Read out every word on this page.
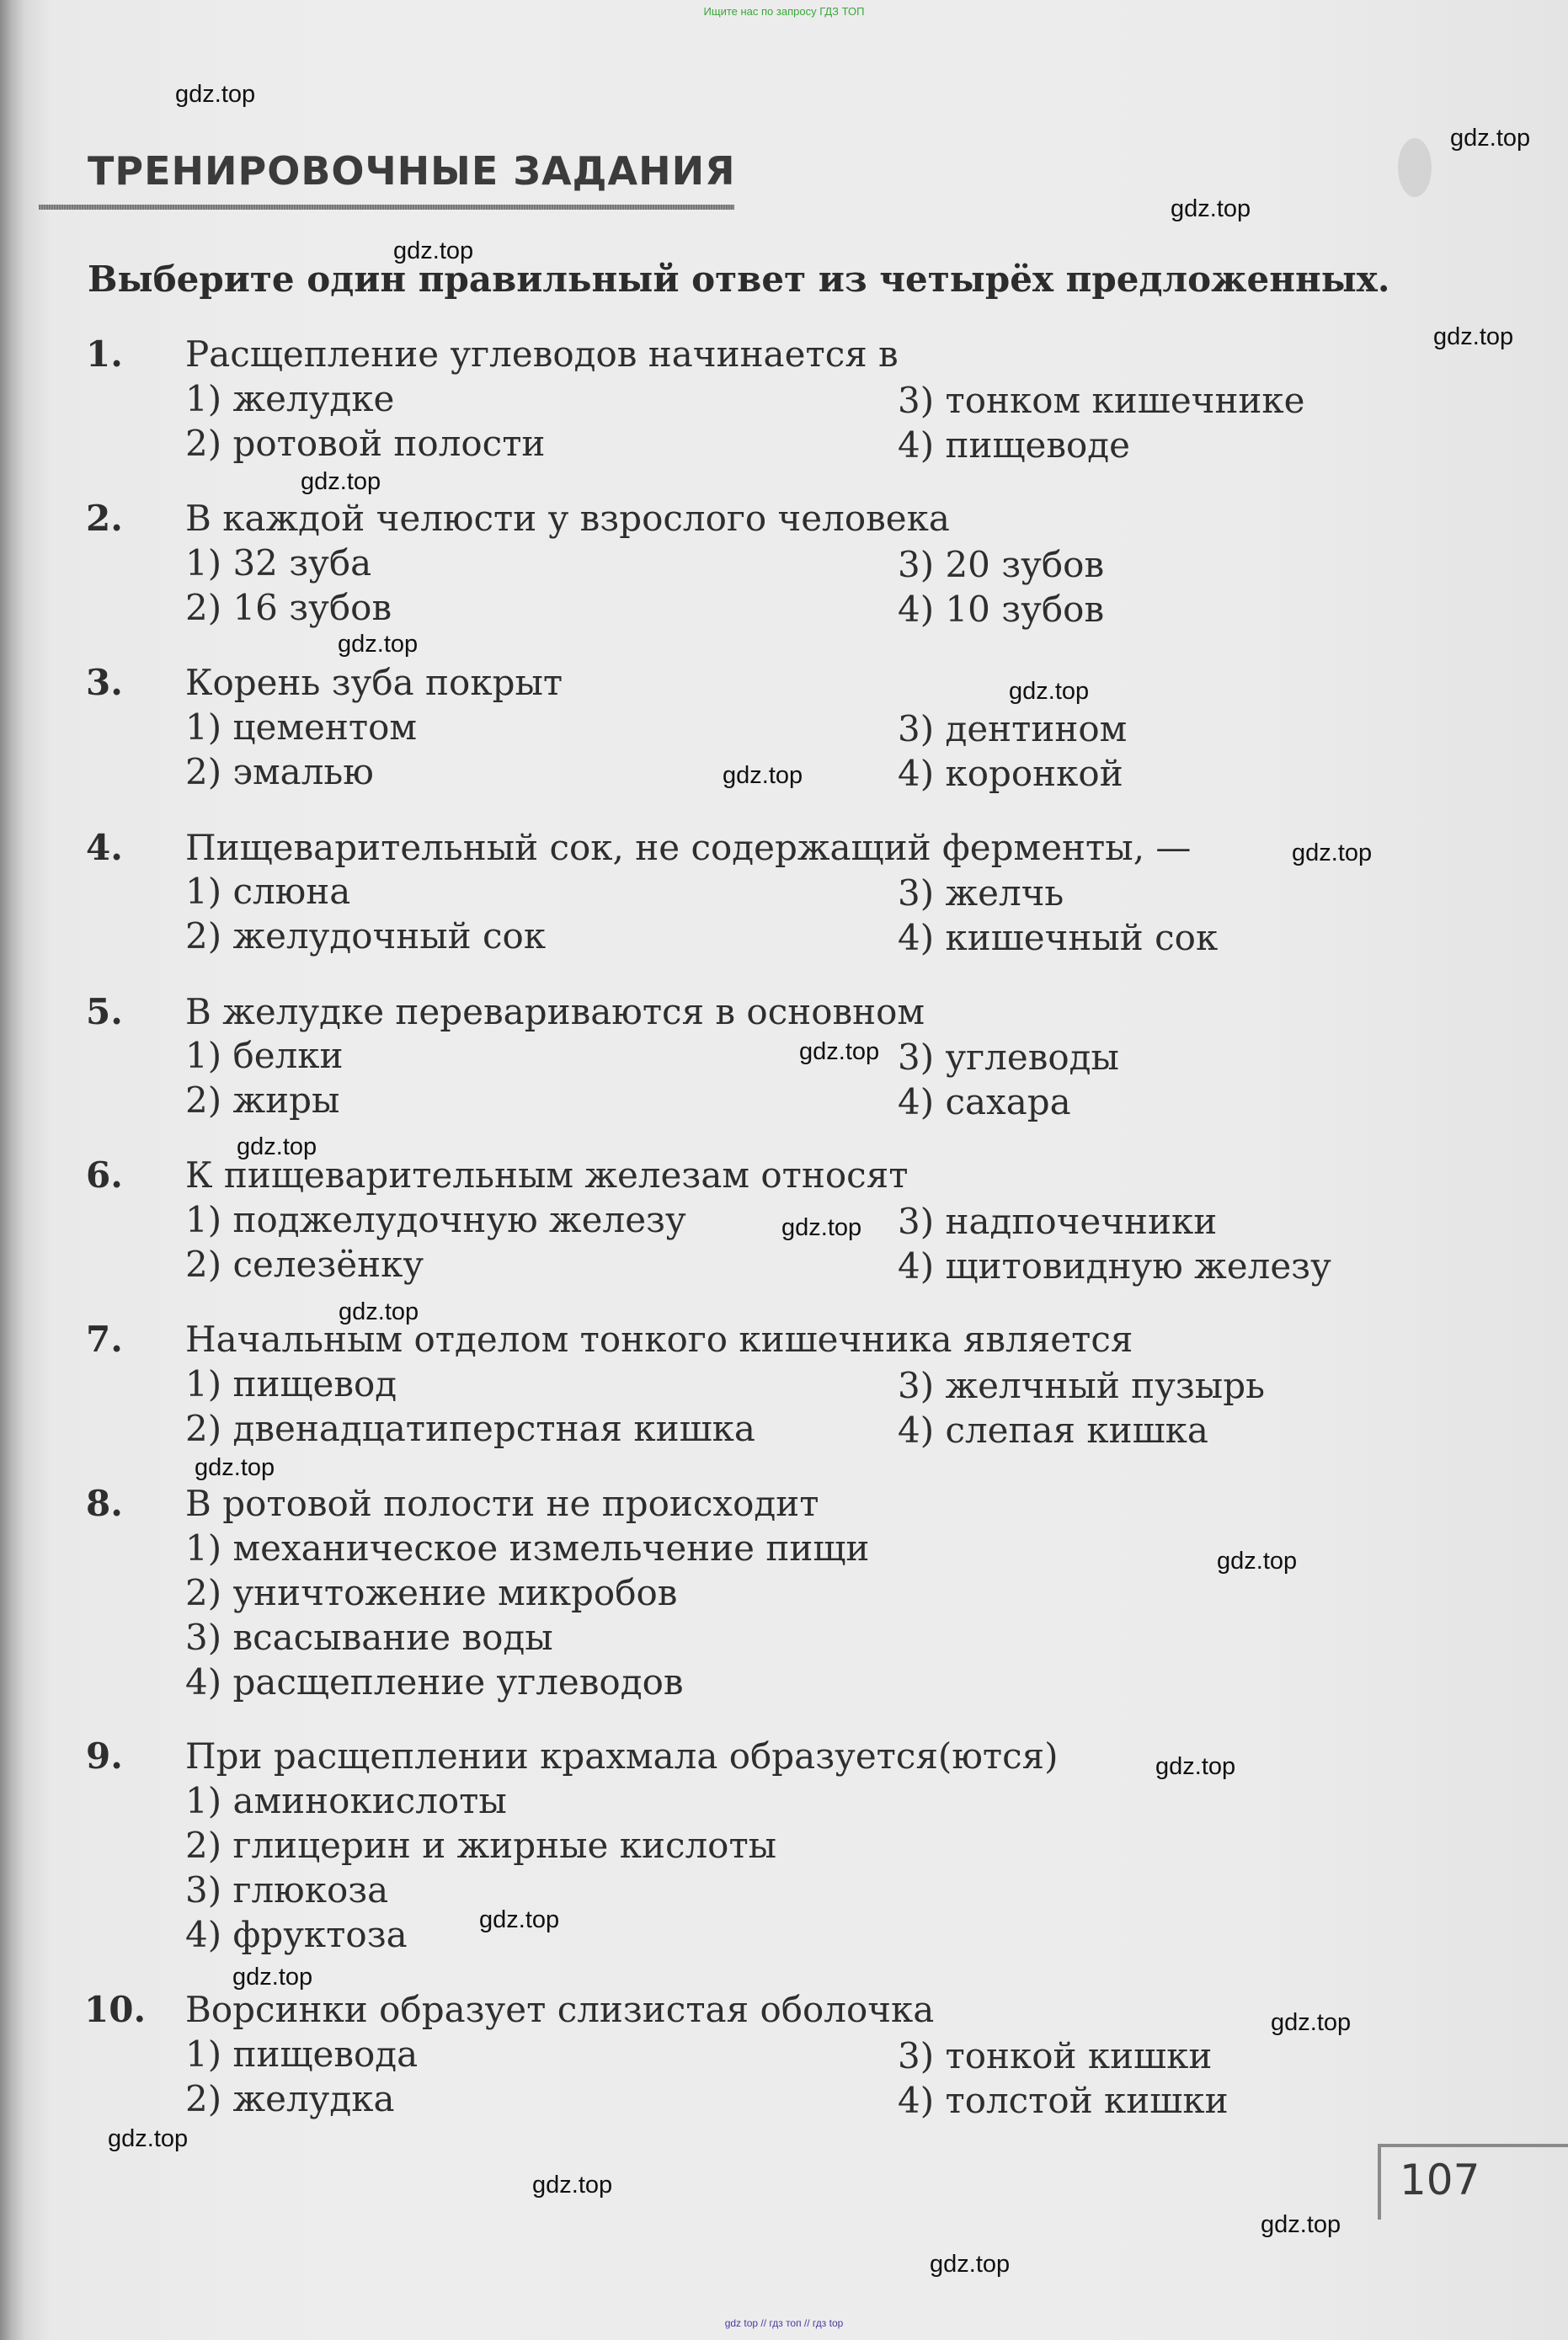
Ищите нас по запросу ГДЗ ТОП
ТРЕНИРОВОЧНЫЕ ЗАДАНИЯ
Выберите один правильный ответ из четырёх предложенных.
1. Расщепление углеводов начинается в
1) желудке
2) ротовой полости
3) тонком кишечнике
4) пищеводе
2. В каждой челюсти у взрослого человека
1) 32 зуба
2) 16 зубов
3) 20 зубов
4) 10 зубов
3. Корень зуба покрыт
1) цементом
2) эмалью
3) дентином
4) коронкой
4. Пищеварительный сок, не содержащий ферменты, —
1) слюна
2) желудочный сок
3) желчь
4) кишечный сок
5. В желудке перевариваются в основном
1) белки
2) жиры
3) углеводы
4) сахара
6. К пищеварительным железам относят
1) поджелудочную железу
2) селезёнку
3) надпочечники
4) щитовидную железу
7. Начальным отделом тонкого кишечника является
1) пищевод
2) двенадцатиперстная кишка
3) желчный пузырь
4) слепая кишка
8. В ротовой полости не происходит
1) механическое измельчение пищи
2) уничтожение микробов
3) всасывание воды
4) расщепление углеводов
9. При расщеплении крахмала образуется(ются)
1) аминокислоты
2) глицерин и жирные кислоты
3) глюкоза
4) фруктоза
10. Ворсинки образует слизистая оболочка
1) пищевода
2) желудка
3) тонкой кишки
4) толстой кишки
gdz.top
gdz.top
gdz.top
gdz.top
gdz.top
gdz.top
gdz.top
gdz.top
gdz.top
gdz.top
gdz.top
gdz.top
gdz.top
gdz.top
gdz.top
gdz.top
gdz.top
gdz.top
gdz.top
gdz.top
gdz.top
gdz.top
gdz.top
gdz.top
107
gdz top // гдз топ // гдз top
